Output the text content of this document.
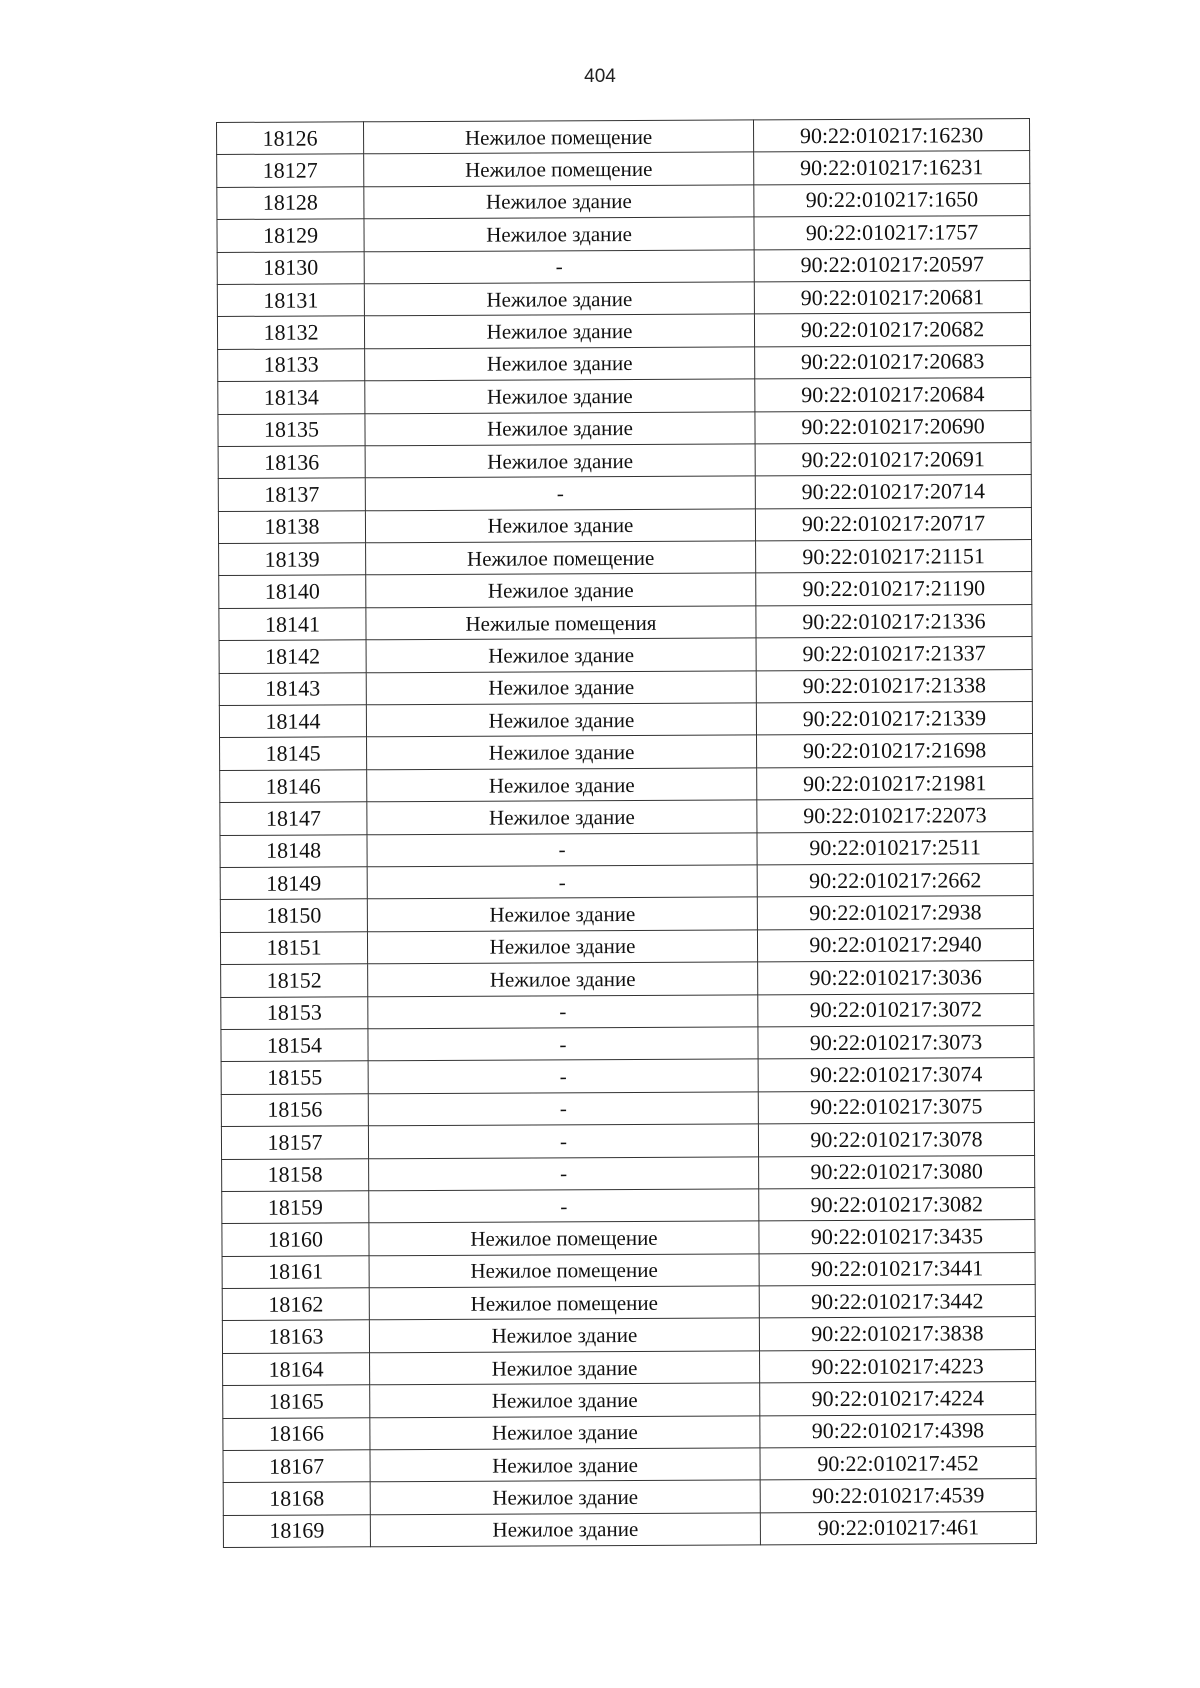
404
18126	Нежилое помещение	90:22:010217:16230
18127	Нежилое помещение	90:22:010217:16231
18128	Нежилое здание	90:22:010217:1650
18129	Нежилое здание	90:22:010217:1757
18130	-	90:22:010217:20597
18131	Нежилое здание	90:22:010217:20681
18132	Нежилое здание	90:22:010217:20682
18133	Нежилое здание	90:22:010217:20683
18134	Нежилое здание	90:22:010217:20684
18135	Нежилое здание	90:22:010217:20690
18136	Нежилое здание	90:22:010217:20691
18137	-	90:22:010217:20714
18138	Нежилое здание	90:22:010217:20717
18139	Нежилое помещение	90:22:010217:21151
18140	Нежилое здание	90:22:010217:21190
18141	Нежилые помещения	90:22:010217:21336
18142	Нежилое здание	90:22:010217:21337
18143	Нежилое здание	90:22:010217:21338
18144	Нежилое здание	90:22:010217:21339
18145	Нежилое здание	90:22:010217:21698
18146	Нежилое здание	90:22:010217:21981
18147	Нежилое здание	90:22:010217:22073
18148	-	90:22:010217:2511
18149	-	90:22:010217:2662
18150	Нежилое здание	90:22:010217:2938
18151	Нежилое здание	90:22:010217:2940
18152	Нежилое здание	90:22:010217:3036
18153	-	90:22:010217:3072
18154	-	90:22:010217:3073
18155	-	90:22:010217:3074
18156	-	90:22:010217:3075
18157	-	90:22:010217:3078
18158	-	90:22:010217:3080
18159	-	90:22:010217:3082
18160	Нежилое помещение	90:22:010217:3435
18161	Нежилое помещение	90:22:010217:3441
18162	Нежилое помещение	90:22:010217:3442
18163	Нежилое здание	90:22:010217:3838
18164	Нежилое здание	90:22:010217:4223
18165	Нежилое здание	90:22:010217:4224
18166	Нежилое здание	90:22:010217:4398
18167	Нежилое здание	90:22:010217:452
18168	Нежилое здание	90:22:010217:4539
18169	Нежилое здание	90:22:010217:461
